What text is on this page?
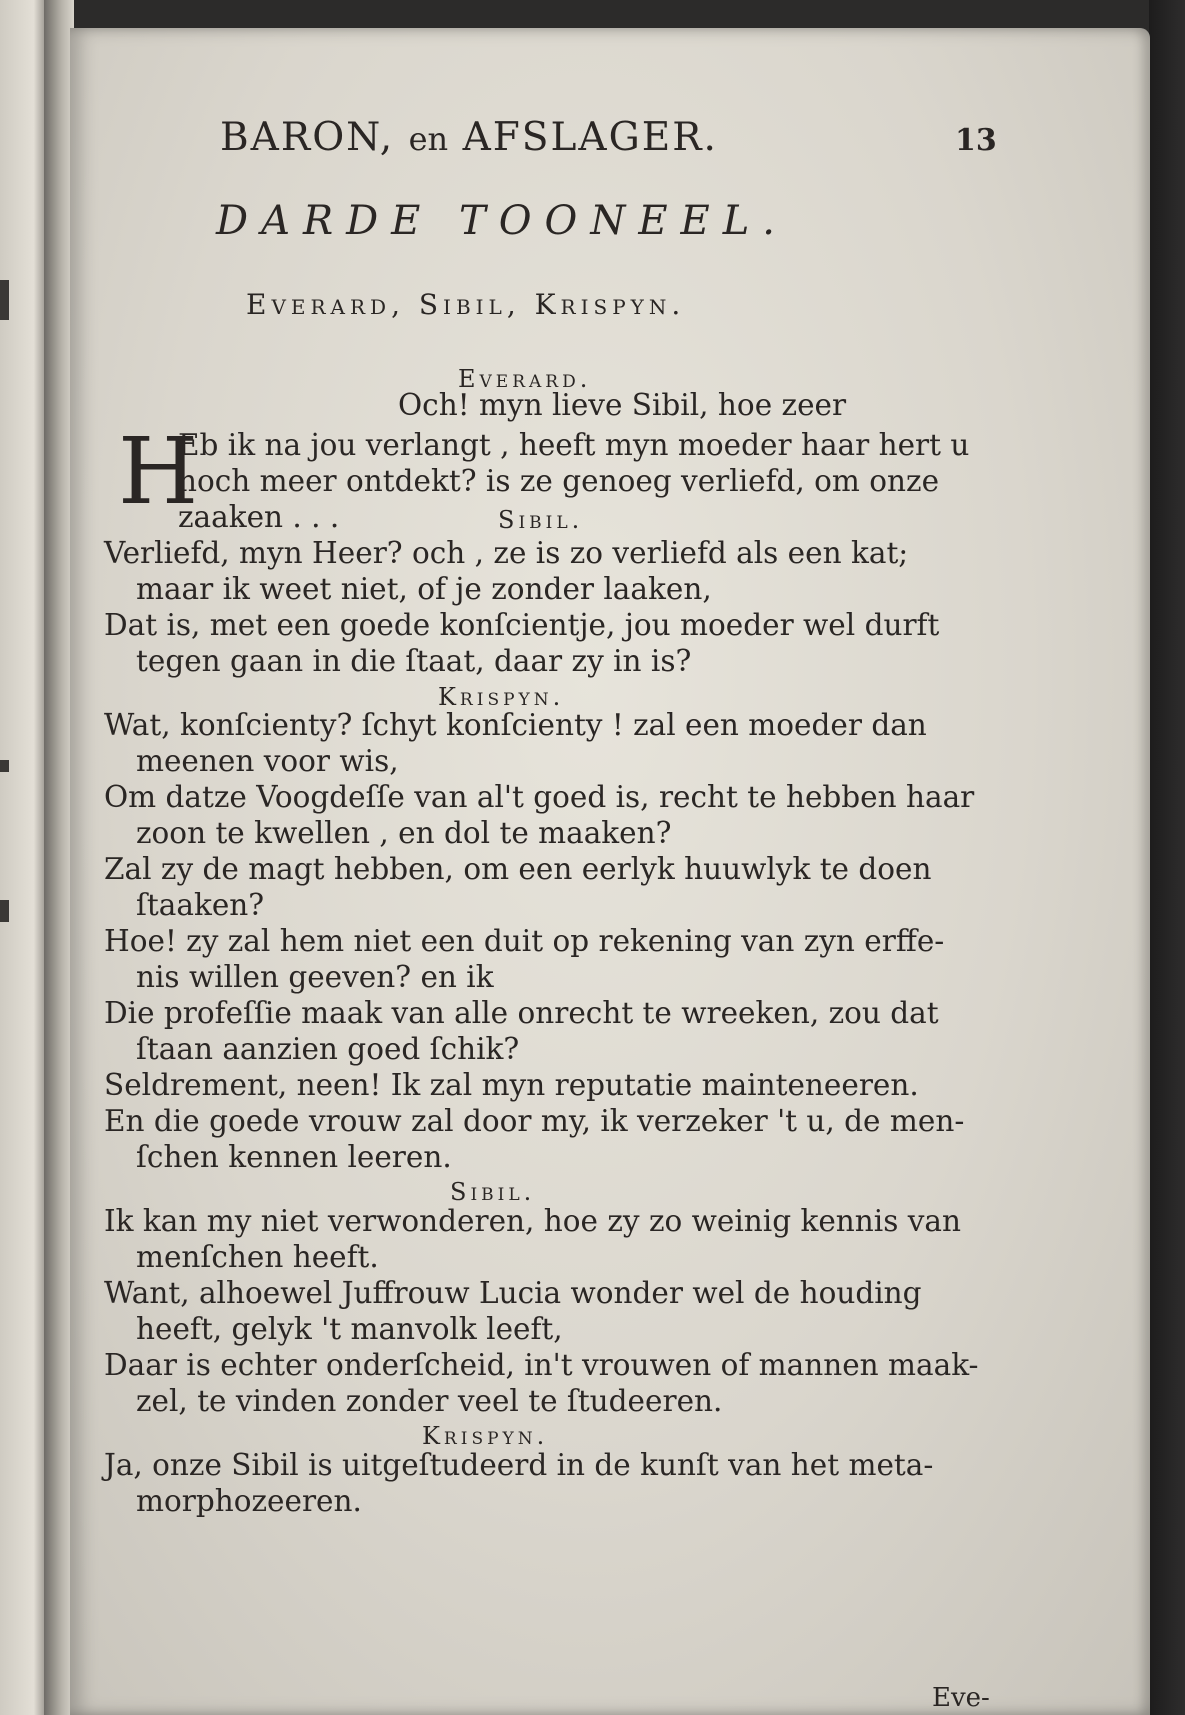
BARON, en AFSLAGER.	13
DARDE TOONEEL.
Everard, Sibil, Krispyn.
Everard.
Och! myn lieve Sibil, hoe zeer
H
Eb ik na jou verlangt , heeft myn moeder haar hert u
noch meer ontdekt? is ze genoeg verliefd, om onze
zaaken . . .	Sibil.
Verliefd, myn Heer? och , ze is zo verliefd als een kat;
maar ik weet niet, of je zonder laaken,
Dat is, met een goede konſcientje, jou moeder wel durft
tegen gaan in die ſtaat, daar zy in is?
Krispyn.
Wat, konſcienty? ſchyt konſcienty ! zal een moeder dan
meenen voor wis,
Om datze Voogdeſſe van al't goed is, recht te hebben haar
zoon te kwellen , en dol te maaken?
Zal zy de magt hebben, om een eerlyk huuwlyk te doen
ſtaaken?
Hoe! zy zal hem niet een duit op rekening van zyn erffe-
nis willen geeven? en ik
Die profeſſie maak van alle onrecht te wreeken, zou dat
ſtaan aanzien goed ſchik?
Seldrement, neen! Ik zal myn reputatie mainteneeren.
En die goede vrouw zal door my, ik verzeker 't u, de men-
ſchen kennen leeren.
Sibil.
Ik kan my niet verwonderen, hoe zy zo weinig kennis van
menſchen heeft.
Want, alhoewel Juffrouw Lucia wonder wel de houding
heeft, gelyk 't manvolk leeft,
Daar is echter onderſcheid, in't vrouwen of mannen maak-
zel, te vinden zonder veel te ſtudeeren.
Krispyn.
Ja, onze Sibil is uitgeſtudeerd in de kunſt van het meta-
morphozeeren.
Eve-
